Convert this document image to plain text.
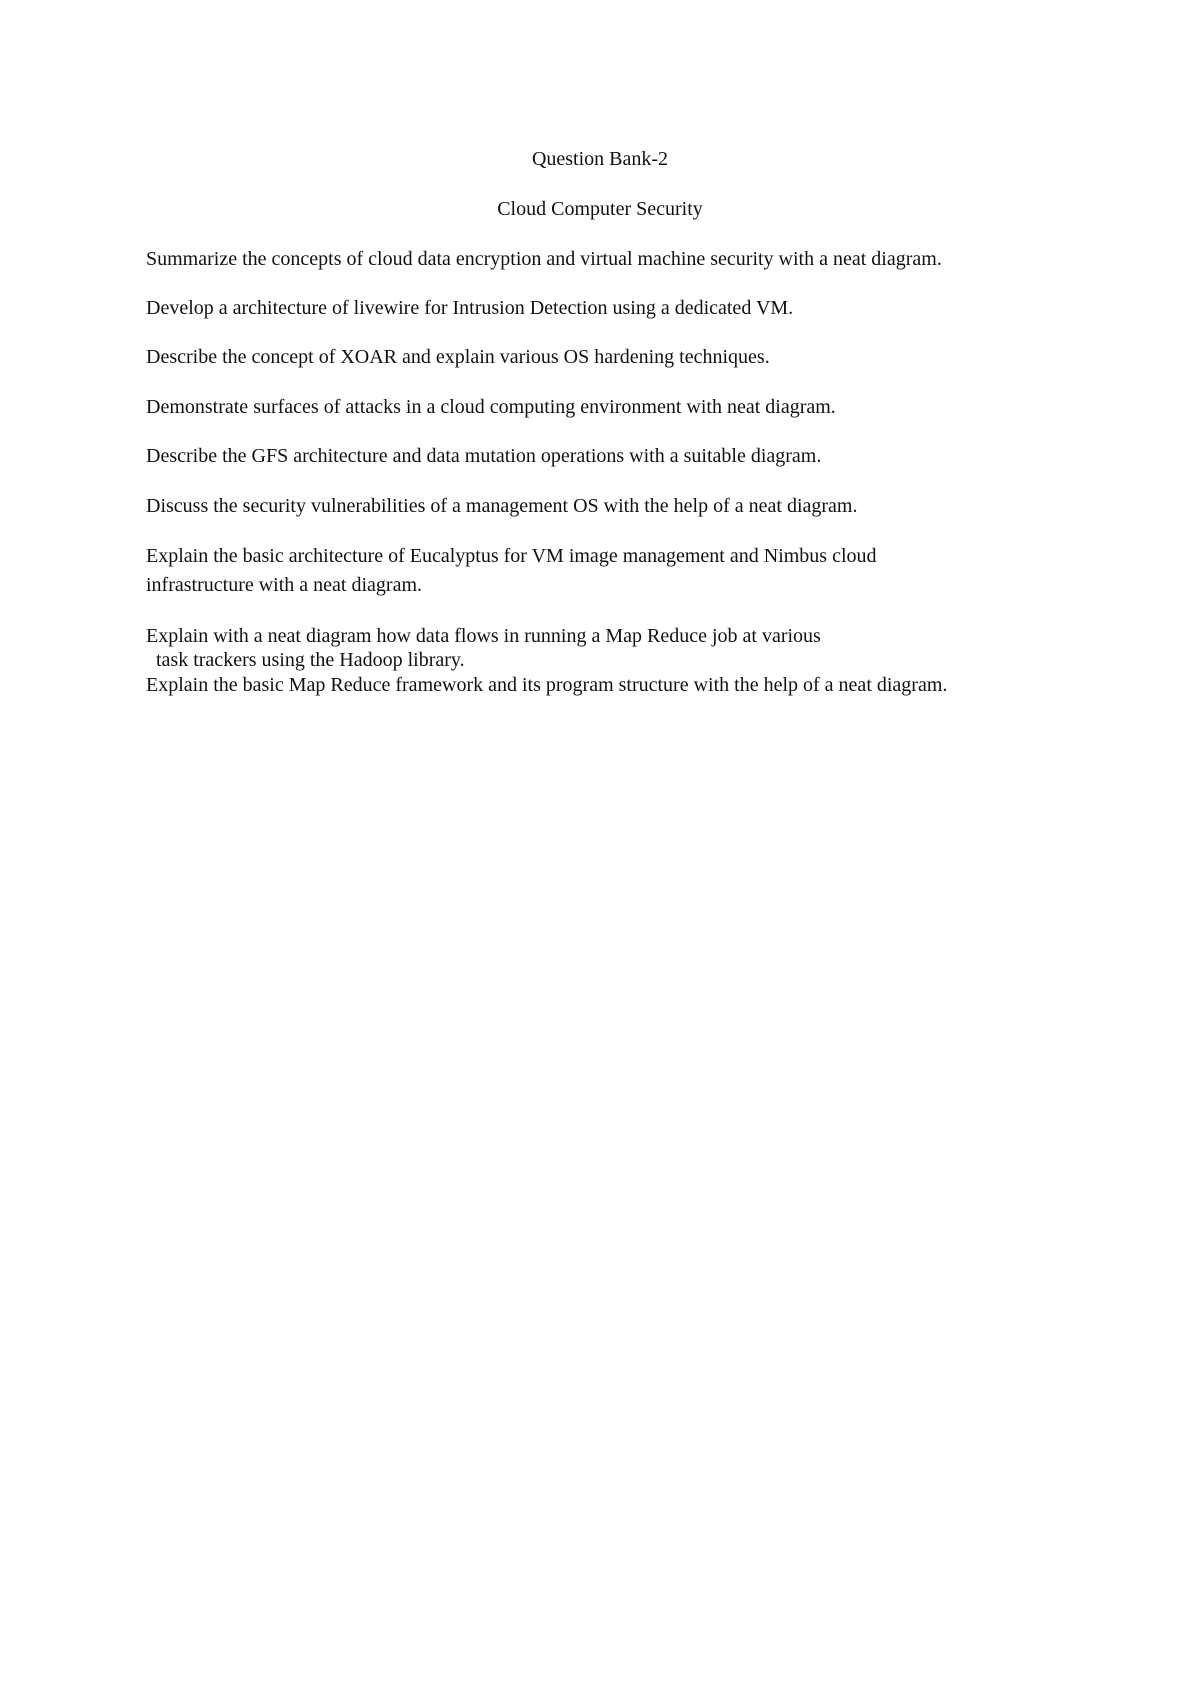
Question Bank-2
Cloud Computer Security
Summarize the concepts of cloud data encryption and virtual machine security with a neat diagram.
Develop a architecture of livewire for Intrusion Detection using a dedicated VM.
Describe the concept of XOAR and explain various OS hardening techniques.
Demonstrate surfaces of attacks in a cloud computing environment with neat diagram.
Describe the GFS architecture and data mutation operations with a suitable diagram.
Discuss the security vulnerabilities of a management OS with the help of a neat diagram.
Explain the basic architecture of Eucalyptus for VM image management and Nimbus cloud infrastructure with a neat diagram.
Explain with a neat diagram how data flows in running a Map Reduce job at various
task trackers using the Hadoop library.
Explain the basic Map Reduce framework and its program structure with the help of a neat diagram.
